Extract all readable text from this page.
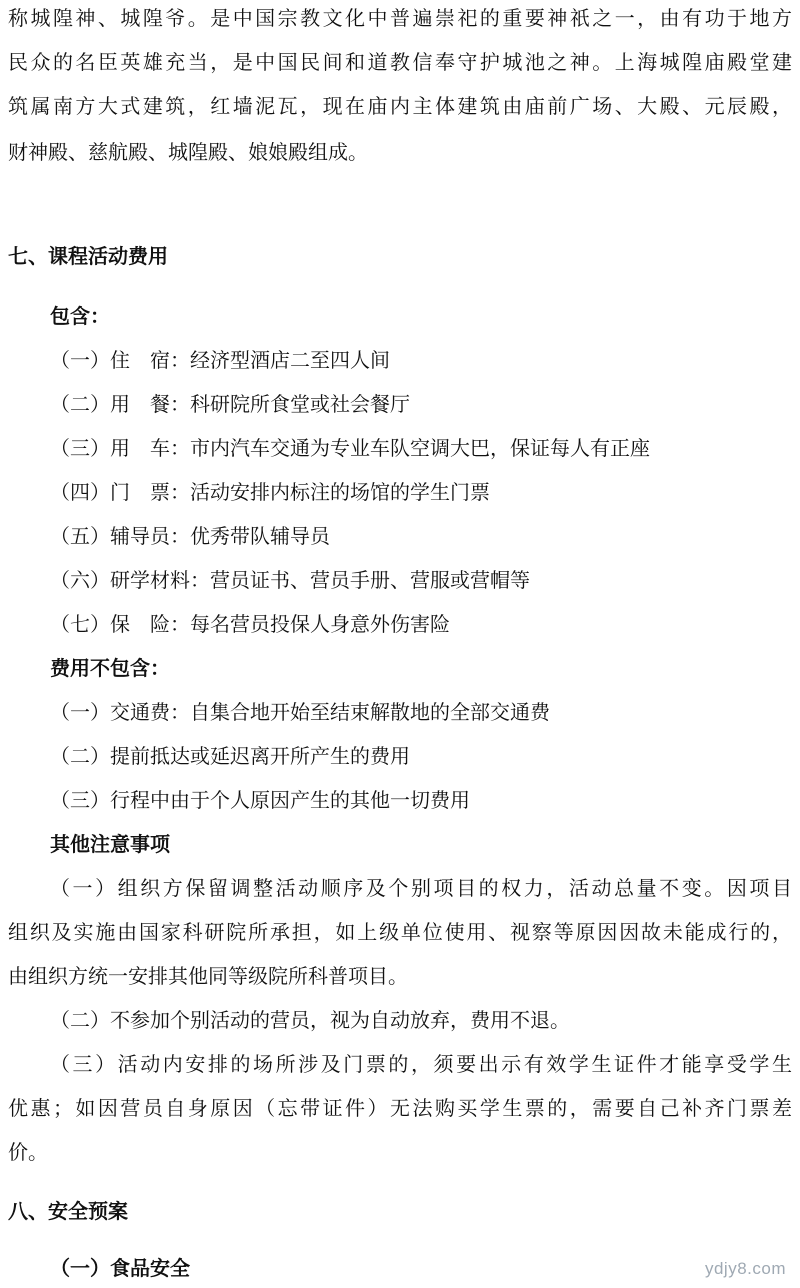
称城隍神、城隍爷。是中国宗教文化中普遍崇祀的重要神祇之一，由有功于地方
民众的名臣英雄充当，是中国民间和道教信奉守护城池之神。上海城隍庙殿堂建
筑属南方大式建筑，红墙泥瓦，现在庙内主体建筑由庙前广场、大殿、元辰殿，
财神殿、慈航殿、城隍殿、娘娘殿组成。
七、课程活动费用
包含：
（一）住　宿：经济型酒店二至四人间
（二）用　餐：科研院所食堂或社会餐厅
（三）用　车：市内汽车交通为专业车队空调大巴，保证每人有正座
（四）门　票：活动安排内标注的场馆的学生门票
（五）辅导员：优秀带队辅导员
（六）研学材料：营员证书、营员手册、营服或营帽等
（七）保　险：每名营员投保人身意外伤害险
费用不包含：
（一）交通费：自集合地开始至结束解散地的全部交通费
（二）提前抵达或延迟离开所产生的费用
（三）行程中由于个人原因产生的其他一切费用
其他注意事项
（一）组织方保留调整活动顺序及个别项目的权力，活动总量不变。因项目
组织及实施由国家科研院所承担，如上级单位使用、视察等原因因故未能成行的，
由组织方统一安排其他同等级院所科普项目。
（二）不参加个别活动的营员，视为自动放弃，费用不退。
（三）活动内安排的场所涉及门票的，须要出示有效学生证件才能享受学生
优惠；如因营员自身原因（忘带证件）无法购买学生票的，需要自己补齐门票差
价。
八、安全预案
（一）食品安全	ydjy8.com
